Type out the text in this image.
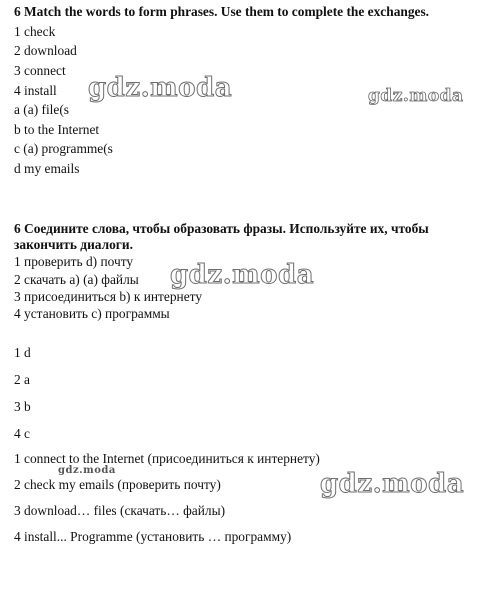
6 Match the words to form phrases. Use them to complete the exchanges.
1 check
2 download
3 connect
4 install
a (a) file(s
b to the Internet
c (a) programme(s
d my emails
6 Соедините слова, чтобы образовать фразы. Используйте их, чтобы
закончить диалоги.
1 проверить d) почту
2 скачать a) (a) файлы
3 присоединиться b) к интернету
4 установить с) программы
1 d
2 a
3 b
4 c
1 connect to the Internet (присоединиться к интернету)
2 check my emails (проверить почту)
3 download… files (скачать… файлы)
4 install... Programme (установить … программу)
gdz.moda	gdz.moda
gdz.moda
gdz.moda	gdz.moda
